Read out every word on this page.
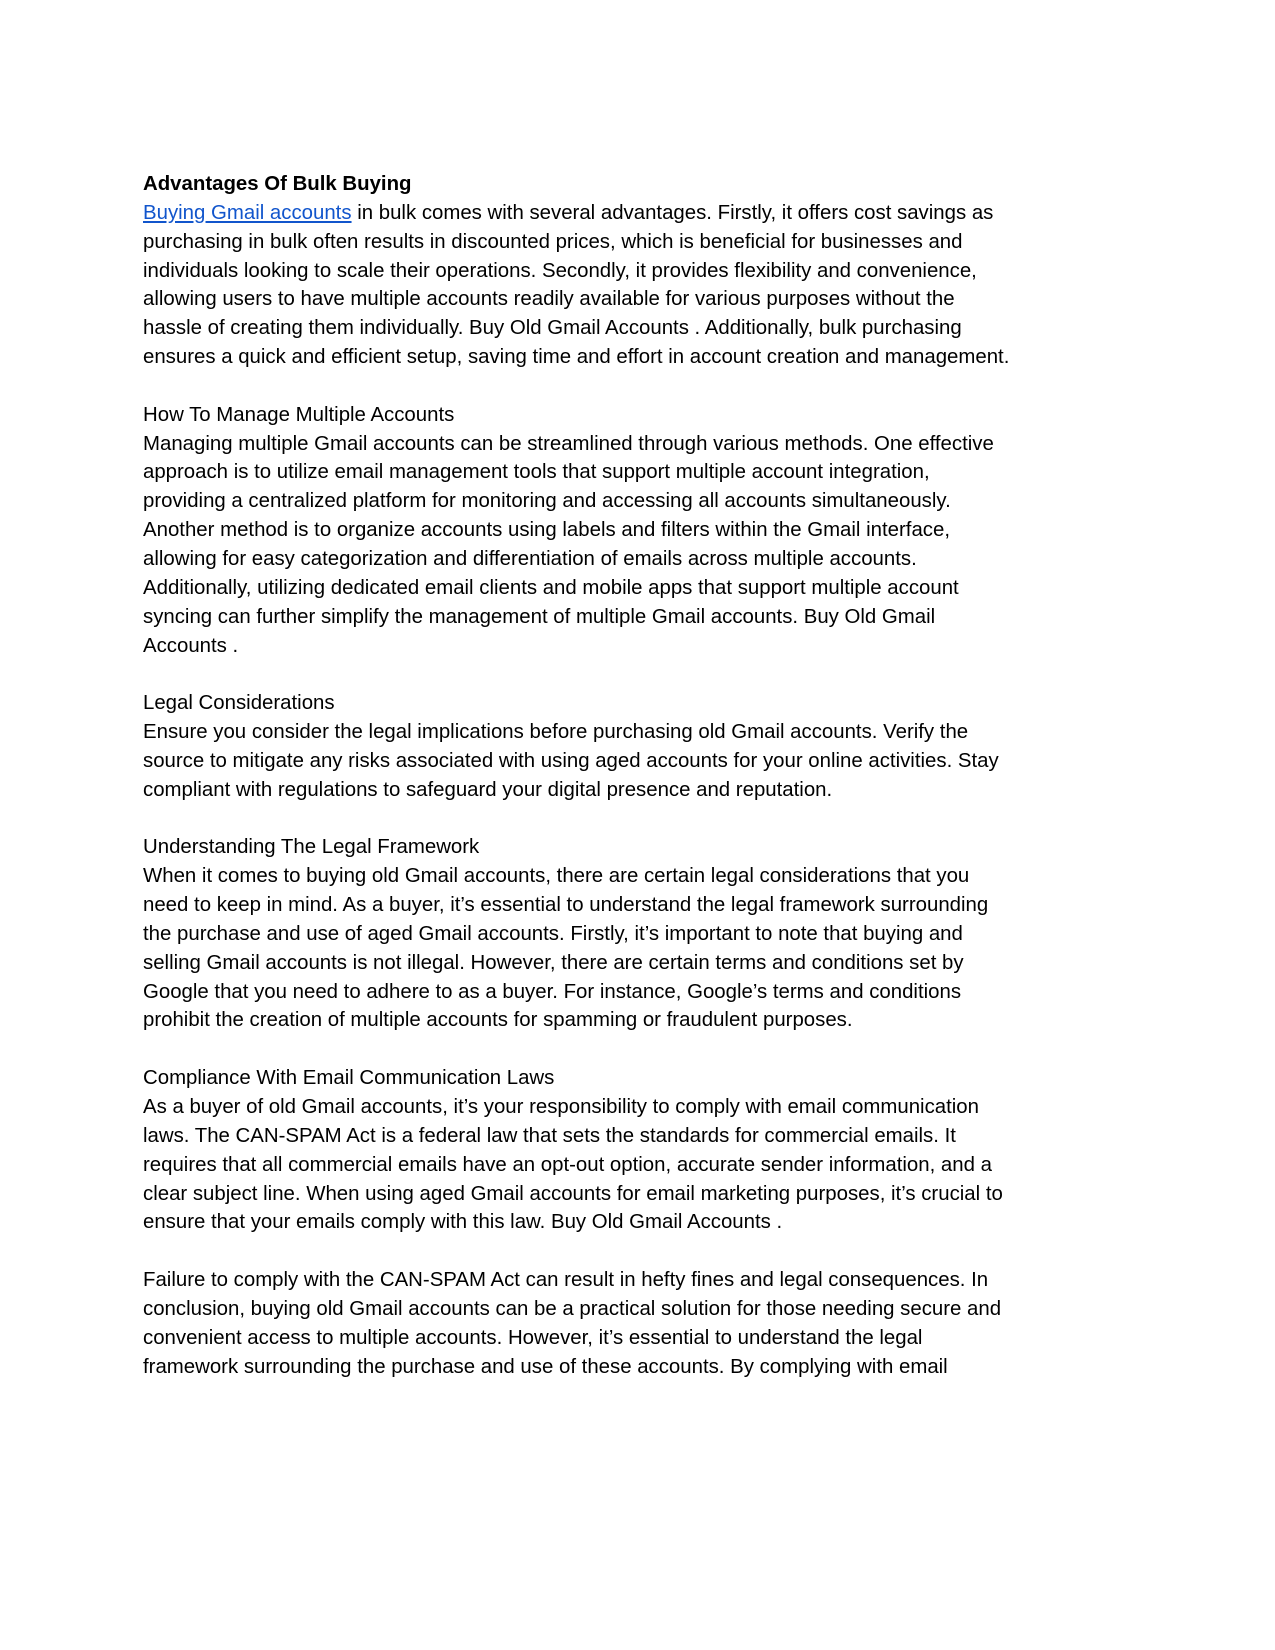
Advantages Of Bulk Buying
Buying Gmail accounts in bulk comes with several advantages. Firstly, it offers cost savings as
purchasing in bulk often results in discounted prices, which is beneficial for businesses and
individuals looking to scale their operations. Secondly, it provides flexibility and convenience,
allowing users to have multiple accounts readily available for various purposes without the
hassle of creating them individually. Buy Old Gmail Accounts . Additionally, bulk purchasing
ensures a quick and efficient setup, saving time and effort in account creation and management.
How To Manage Multiple Accounts
Managing multiple Gmail accounts can be streamlined through various methods. One effective
approach is to utilize email management tools that support multiple account integration,
providing a centralized platform for monitoring and accessing all accounts simultaneously.
Another method is to organize accounts using labels and filters within the Gmail interface,
allowing for easy categorization and differentiation of emails across multiple accounts.
Additionally, utilizing dedicated email clients and mobile apps that support multiple account
syncing can further simplify the management of multiple Gmail accounts. Buy Old Gmail
Accounts .
Legal Considerations
Ensure you consider the legal implications before purchasing old Gmail accounts. Verify the
source to mitigate any risks associated with using aged accounts for your online activities. Stay
compliant with regulations to safeguard your digital presence and reputation.
Understanding The Legal Framework
When it comes to buying old Gmail accounts, there are certain legal considerations that you
need to keep in mind. As a buyer, it’s essential to understand the legal framework surrounding
the purchase and use of aged Gmail accounts. Firstly, it’s important to note that buying and
selling Gmail accounts is not illegal. However, there are certain terms and conditions set by
Google that you need to adhere to as a buyer. For instance, Google’s terms and conditions
prohibit the creation of multiple accounts for spamming or fraudulent purposes.
Compliance With Email Communication Laws
As a buyer of old Gmail accounts, it’s your responsibility to comply with email communication
laws. The CAN-SPAM Act is a federal law that sets the standards for commercial emails. It
requires that all commercial emails have an opt-out option, accurate sender information, and a
clear subject line. When using aged Gmail accounts for email marketing purposes, it’s crucial to
ensure that your emails comply with this law. Buy Old Gmail Accounts .
Failure to comply with the CAN-SPAM Act can result in hefty fines and legal consequences. In
conclusion, buying old Gmail accounts can be a practical solution for those needing secure and
convenient access to multiple accounts. However, it’s essential to understand the legal
framework surrounding the purchase and use of these accounts. By complying with email
